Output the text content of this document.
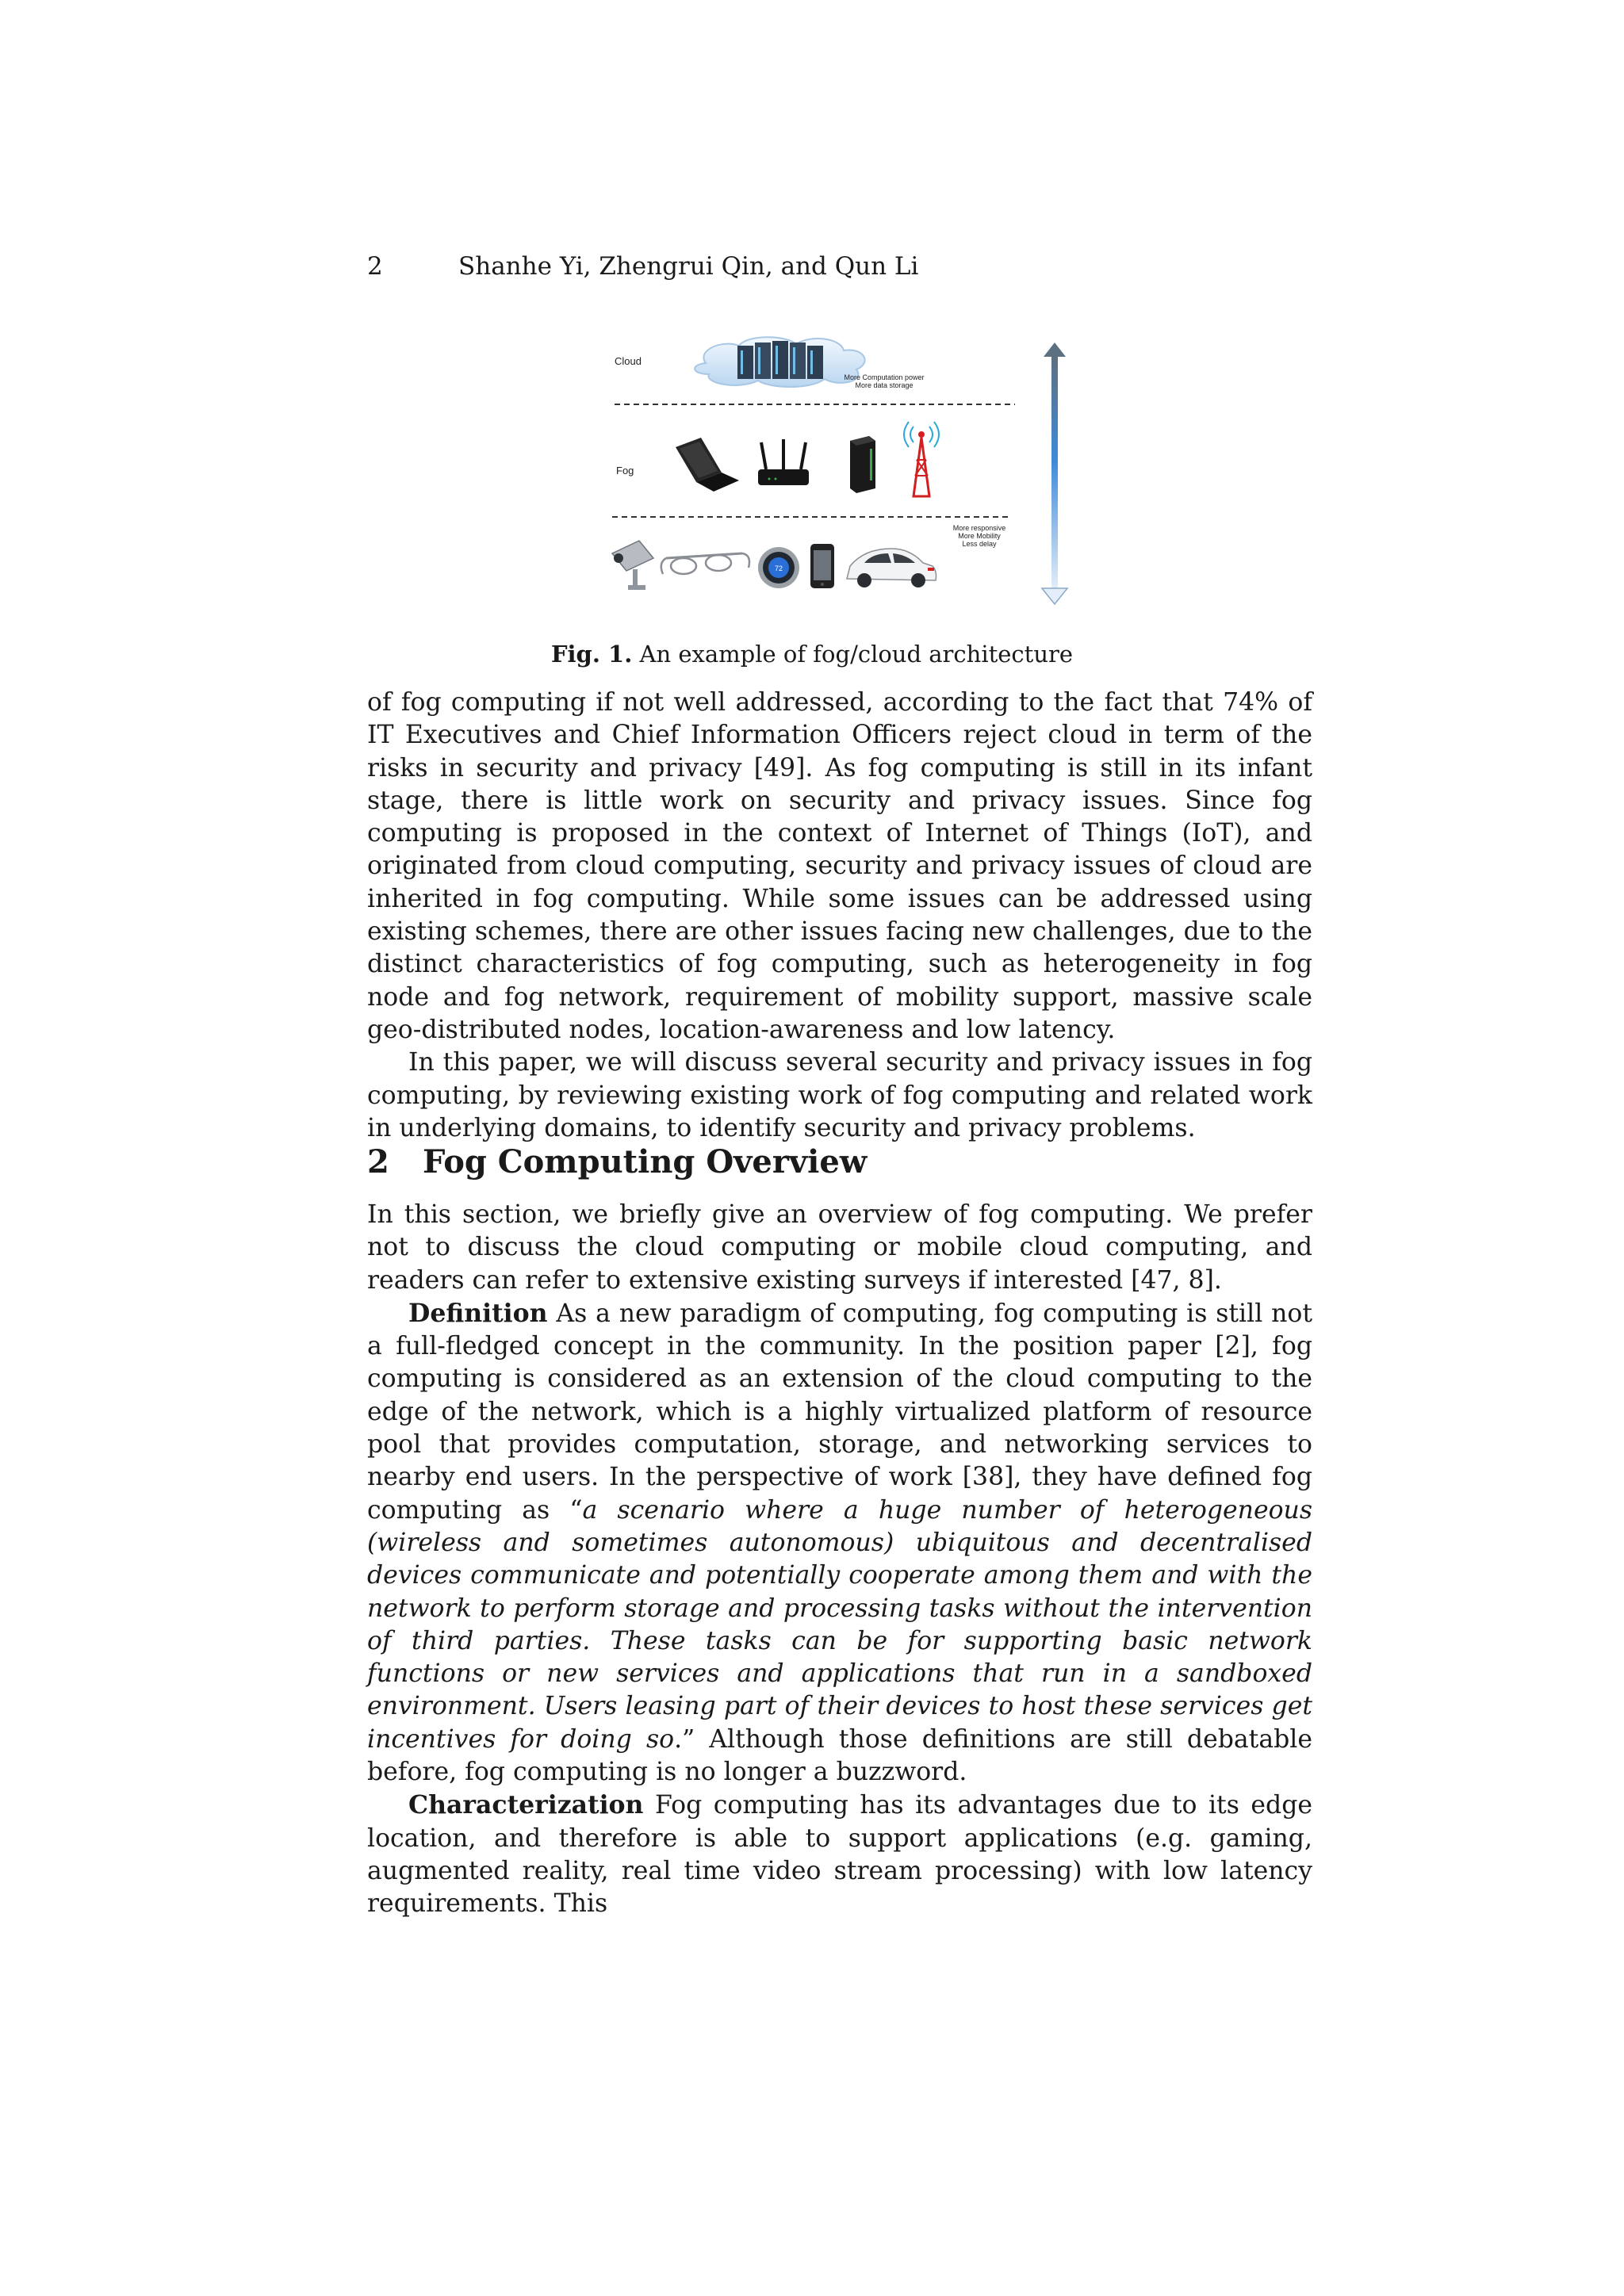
2	Shanhe Yi, Zhengrui Qin, and Qun Li
Cloud
Fog
More Computation power
More data storage
More responsive
More Mobility
Less delay
72
Fig. 1. An example of fog/cloud architecture

of fog computing if not well addressed, according to the fact that 74% of IT Executives and Chief Information Officers reject cloud in term of the risks in security and privacy [49]. As fog computing is still in its infant stage, there is little work on security and privacy issues. Since fog computing is proposed in the context of Internet of Things (IoT), and originated from cloud computing, security and privacy issues of cloud are inherited in fog computing. While some issues can be addressed using existing schemes, there are other issues facing new challenges, due to the distinct characteristics of fog computing, such as heterogeneity in fog node and fog network, requirement of mobility support, massive scale geo-distributed nodes, location-awareness and low latency.

In this paper, we will discuss several security and privacy issues in fog computing, by reviewing existing work of fog computing and related work in underlying domains, to identify security and privacy problems.

2 Fog Computing Overview

In this section, we briefly give an overview of fog computing. We prefer not to discuss the cloud computing or mobile cloud computing, and readers can refer to extensive existing surveys if interested [47, 8].

Definition As a new paradigm of computing, fog computing is still not a full-fledged concept in the community. In the position paper [2], fog computing is considered as an extension of the cloud computing to the edge of the network, which is a highly virtualized platform of resource pool that provides computation, storage, and networking services to nearby end users. In the perspective of work [38], they have defined fog computing as “a scenario where a huge number of heterogeneous (wireless and sometimes autonomous) ubiquitous and decentralised devices communicate and potentially cooperate among them and with the network to perform storage and processing tasks without the intervention of third parties. These tasks can be for supporting basic network functions or new services and applications that run in a sandboxed environment. Users leasing part of their devices to host these services get incentives for doing so.” Although those definitions are still debatable before, fog computing is no longer a buzzword.

Characterization Fog computing has its advantages due to its edge location, and therefore is able to support applications (e.g. gaming, augmented reality, real time video stream processing) with low latency requirements. This
